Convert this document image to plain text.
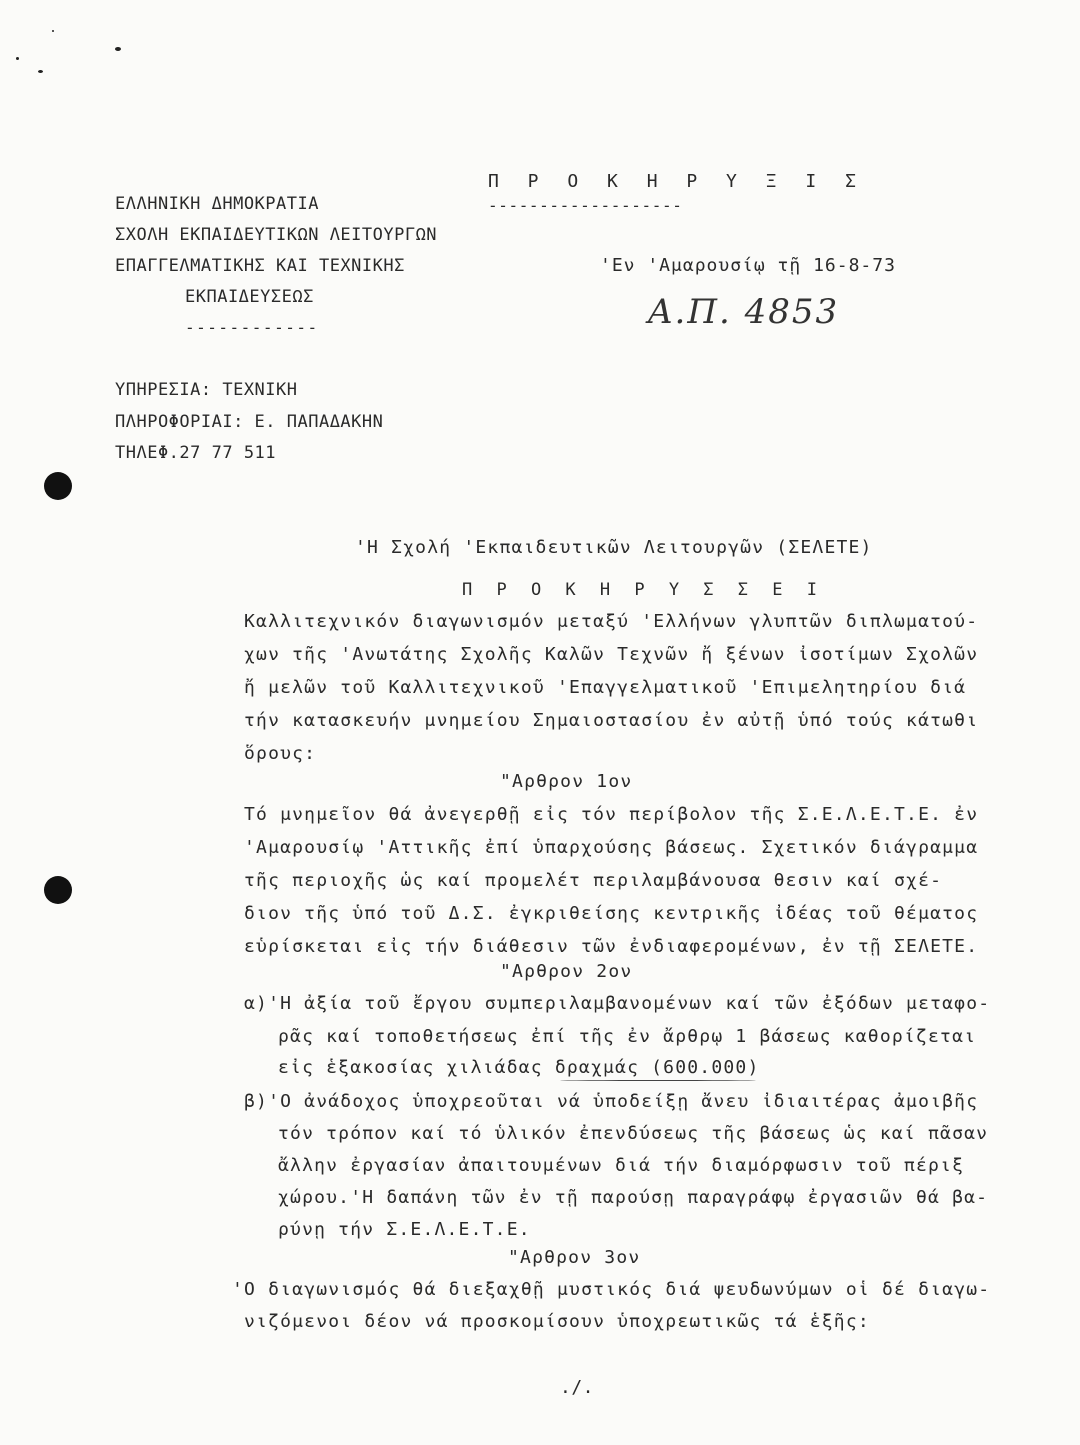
Π Ρ Ο Κ Η Ρ Υ Ξ Ι Σ
-------------------
ΕΛΛΗΝΙΚΗ ΔΗΜΟΚΡΑΤΙΑ
ΣΧΟΛΗ ΕΚΠΑΙΔΕΥΤΙΚΩΝ ΛΕΙΤΟΥΡΓΩΝ
ΕΠΑΓΓΕΛΜΑΤΙΚΗΣ ΚΑΙ ΤΕΧΝΙΚΗΣ
ΕΚΠΑΙΔΕΥΣΕΩΣ
------------
'Εν 'Αμαρουσίῳ τῇ 16-8-73
Α.Π. 4853
ΥΠΗΡΕΣΙΑ: ΤΕΧΝΙΚΗ
ΠΛΗΡΟΦΟΡΙΑΙ: Ε. ΠΑΠΑΔΑΚΗΝ
ΤΗΛΕΦ.27 77 511
'Η Σχολή 'Εκπαιδευτικῶν Λειτουργῶν (ΣΕΛΕΤΕ)
Π Ρ Ο Κ Η Ρ Υ Σ Σ Ε Ι
Καλλιτεχνικόν διαγωνισμόν μεταξύ 'Ελλήνων γλυπτῶν διπλωματού-
χων τῆς 'Ανωτάτης Σχολῆς Καλῶν Τεχνῶν ἤ ξένων ἰσοτίμων Σχολῶν
ἤ μελῶν τοῦ Καλλιτεχνικοῦ 'Επαγγελματικοῦ 'Επιμελητηρίου διά
τήν κατασκευήν μνημείου Σημαιοστασίου ἐν αὐτῇ ὑπό τούς κάτωθι
ὅρους:
"Αρθρον 1ον
Τό μνημεῖον θά ἀνεγερθῇ εἰς τόν περίβολον τῆς Σ.Ε.Λ.Ε.Τ.Ε. ἐν
'Αμαρουσίῳ 'Αττικῆς ἐπί ὑπαρχούσης βάσεως. Σχετικόν διάγραμμα
τῆς περιοχῆς ὡς καί προμελέτ περιλαμβάνουσα θεσιν καί σχέ-
διον τῆς ὑπό τοῦ Δ.Σ. ἐγκριθείσης κεντρικῆς ἰδέας τοῦ θέματος
εὑρίσκεται εἰς τήν διάθεσιν τῶν ἐνδιαφερομένων, ἐν τῇ ΣΕΛΕΤΕ.
"Αρθρον 2ον
α)'Η ἀξία τοῦ ἔργου συμπεριλαμβανομένων καί τῶν ἐξόδων μεταφο-
ρᾶς καί τοποθετήσεως ἐπί τῆς ἐν ἄρθρῳ 1 βάσεως καθορίζεται
εἰς ἑξακοσίας χιλιάδας δραχμάς (600.000)
β)'Ο ἀνάδοχος ὑποχρεοῦται νά ὑποδείξῃ ἄνευ ἰδιαιτέρας ἀμοιβῆς
τόν τρόπον καί τό ὑλικόν ἐπενδύσεως τῆς βάσεως ὡς καί πᾶσαν
ἄλλην ἐργασίαν ἀπαιτουμένων διά τήν διαμόρφωσιν τοῦ πέριξ
χώρου.'Η δαπάνη τῶν ἐν τῇ παρούσῃ παραγράφῳ ἐργασιῶν θά βα-
ρύνῃ τήν Σ.Ε.Λ.Ε.Τ.Ε.
"Αρθρον 3ον
'Ο διαγωνισμός θά διεξαχθῇ μυστικός διά ψευδωνύμων οἱ δέ διαγω-
νιζόμενοι δέον νά προσκομίσουν ὑποχρεωτικῶς τά ἑξῆς:
./.
